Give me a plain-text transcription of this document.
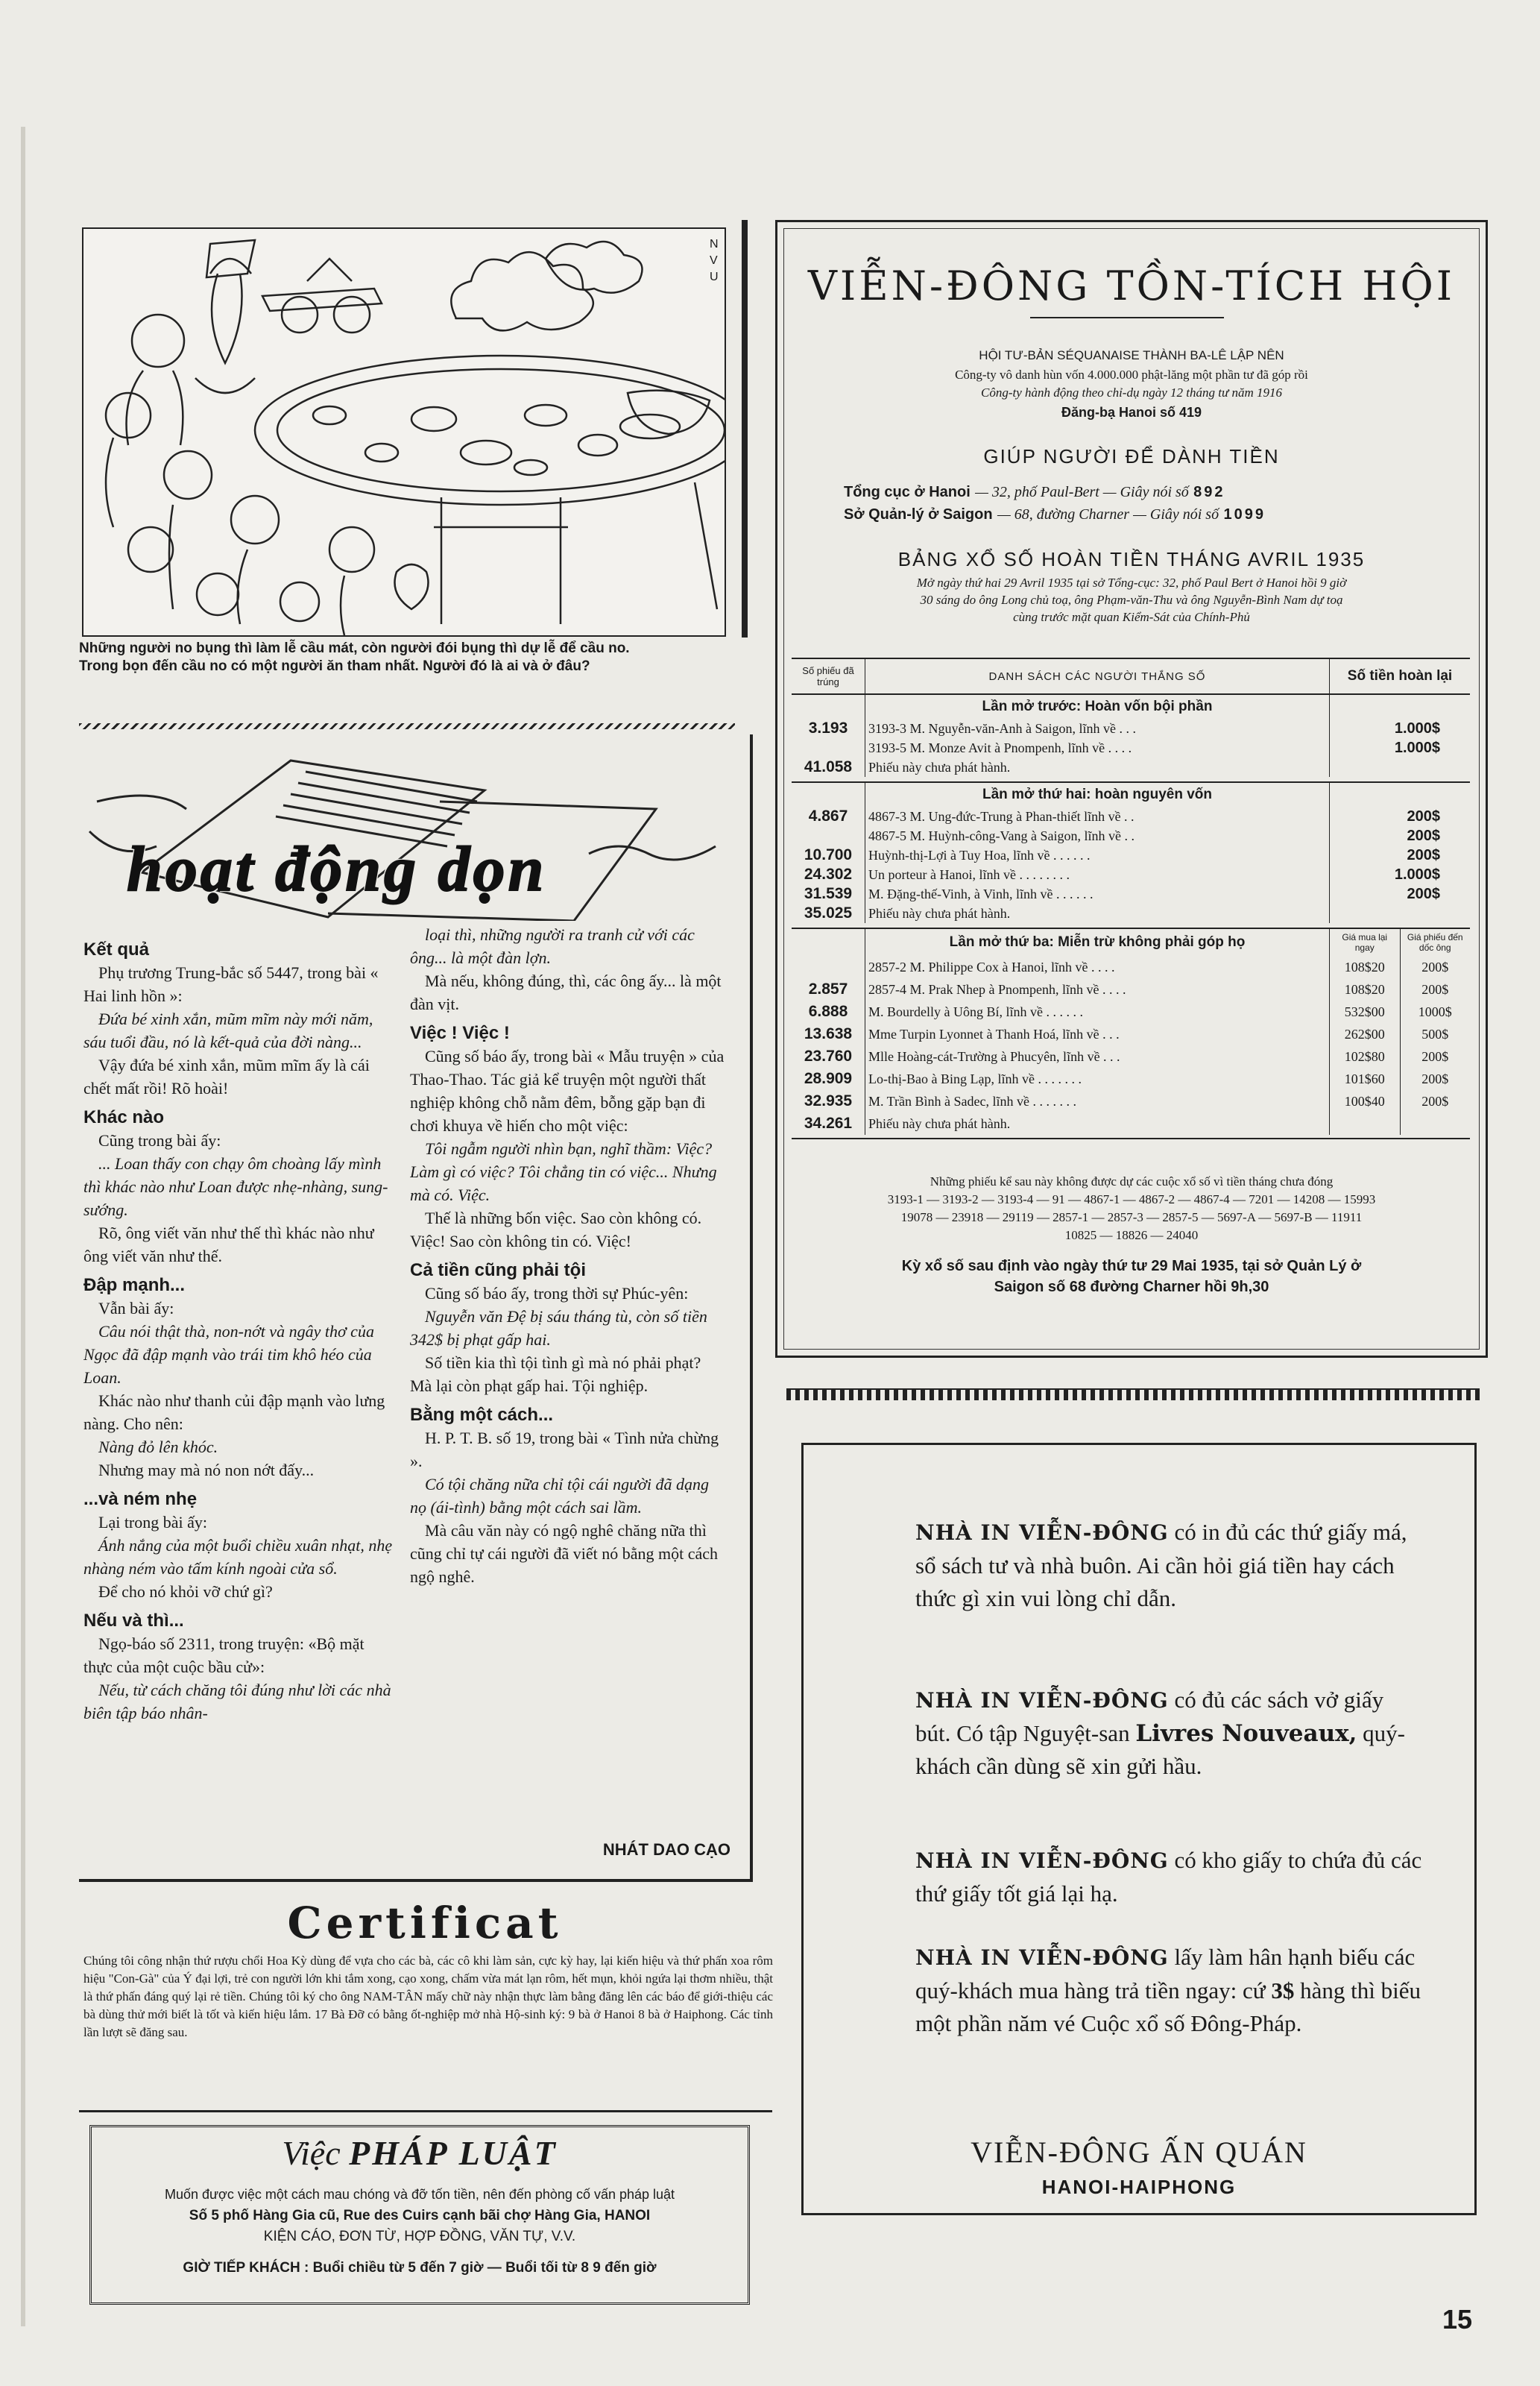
N V U
Những người no bụng thì làm lễ cầu mát, còn người đói bụng thì dự lễ để cầu no.
Trong bọn đến cầu no có một người ăn tham nhất. Người đó là ai và ở đâu?
hoạt động dọn

Kết quả

Phụ trương Trung-bắc số 5447, trong bài « Hai linh hồn »:

Đứa bé xinh xắn, mũm mĩm này mới năm, sáu tuổi đầu, nó là kết-quả của đời nàng...

Vậy đứa bé xinh xắn, mũm mĩm ấy là cái chết mất rồi! Rõ hoài!

Khác nào

Cũng trong bài ấy:

... Loan thấy con chạy ôm choàng lấy mình thì khác nào như Loan được nhẹ-nhàng, sung-sướng.

Rõ, ông viết văn như thế thì khác nào như ông viết văn như thế.

Đập mạnh...

Vẫn bài ấy:

Câu nói thật thà, non-nớt và ngây thơ của Ngọc đã đập mạnh vào trái tim khô héo của Loan.

Khác nào như thanh củi đập mạnh vào lưng nàng. Cho nên:

Nàng đỏ lên khóc.

Nhưng may mà nó non nớt đấy...

...và ném nhẹ

Lại trong bài ấy:

Ánh nắng của một buổi chiều xuân nhạt, nhẹ nhàng ném vào tấm kính ngoài cửa sổ.

Để cho nó khỏi vỡ chứ gì?

Nếu và thì...

Ngọ-báo số 2311, trong truyện: «Bộ mặt thực của một cuộc bầu cử»:

Nếu, từ cách chăng tôi đúng như lời các nhà biên tập báo nhân-

loại thì, những người ra tranh cử với các ông... là một đàn lợn.

Mà nếu, không đúng, thì, các ông ấy... là một đàn vịt.

Việc ! Việc !

Cũng số báo ấy, trong bài « Mẫu truyện » của Thao-Thao. Tác giả kể truyện một người thất nghiệp không chỗ nằm đêm, bỗng gặp bạn đi chơi khuya về hiến cho một việc:

Tôi ngẫm người nhìn bạn, nghĩ thầm: Việc? Làm gì có việc? Tôi chẳng tin có việc... Nhưng mà có. Việc.

Thế là những bốn việc. Sao còn không có. Việc! Sao còn không tin có. Việc!

Cả tiền cũng phải tội

Cũng số báo ấy, trong thời sự Phúc-yên:

Nguyễn văn Đệ bị sáu tháng tù, còn số tiền 342$ bị phạt gấp hai.

Số tiền kia thì tội tình gì mà nó phải phạt? Mà lại còn phạt gấp hai. Tội nghiệp.

Bằng một cách...

H. P. T. B. số 19, trong bài « Tình nửa chừng ».

Có tội chăng nữa chỉ tội cái người đã dạng nọ (ái-tình) bằng một cách sai lầm.

Mà câu văn này có ngộ nghê chăng nữa thì cũng chỉ tự cái người đã viết nó bằng một cách ngộ nghê.

NHÁT DAO CẠO
Certificat
Chúng tôi công nhận thứ rượu chổi Hoa Kỳ dùng để vựa cho các bà, các cô khi làm sản, cực kỳ hay, lại kiến hiệu và thứ phấn xoa rôm hiệu "Con-Gà" của Ý đại lợi, trẻ con người lớn khi tắm xong, cạo xong, chấm vừa mát lạn rôm, hết mụn, khỏi ngứa lại thơm nhiều, thật là thứ phấn đáng quý lại rẻ tiền. Chúng tôi ký cho ông NAM-TÂN mấy chữ này nhận thực làm bằng đăng lên các báo để giới-thiệu các bà dùng thử mới biết là tốt và kiến hiệu lắm. 17 Bà Đỡ có bằng ốt-nghiệp mở nhà Hộ-sinh ký: 9 bà ở Hanoi 8 bà ở Haiphong. Các tỉnh lần lượt sẽ đăng sau.
Việc PHÁP LUẬT
Muốn được việc một cách mau chóng và đỡ tốn tiền, nên đến phòng cố vấn pháp luật
Số 5 phố Hàng Gia cũ, Rue des Cuirs cạnh bãi chợ Hàng Gia, HANOI
KIỆN CÁO, ĐƠN TỪ, HỢP ĐỒNG, VĂN TỰ, V.V.
GIỜ TIẾP KHÁCH : Buổi chiều từ 5 đến 7 giờ — Buổi tối từ 8 9 đến giờ
VIỄN-ĐÔNG TỒN-TÍCH HỘI
HỘI TƯ-BẢN SÉQUANAISE THÀNH BA-LÊ LẬP NÊN
Công-ty vô danh hùn vốn 4.000.000 phật-lăng một phần tư đã góp rồi
Công-ty hành động theo chỉ-dụ ngày 12 tháng tư năm 1916
Đăng-bạ Hanoi số 419
GIÚP NGƯỜI ĐỂ DÀNH TIỀN
Tổng cục ở Hanoi — 32, phố Paul-Bert — Giây nói số 892
Sở Quản-lý ở Saigon — 68, đường Charner — Giây nói số 1099
BẢNG XỔ SỐ HOÀN TIỀN THÁNG AVRIL 1935
Mở ngày thứ hai 29 Avril 1935 tại sở Tổng-cục: 32, phố Paul Bert ở Hanoi hồi 9 giờ
30 sáng do ông Long chủ toạ, ông Phạm-văn-Thu và ông Nguyễn-Bình Nam dự toạ
cùng trước mặt quan Kiểm-Sát của Chính-Phủ
Số phiếu đã trúng	DANH SÁCH CÁC NGƯỜI THẮNG SỐ	Số tiền hoàn lại	
	Lần mở trước: Hoàn vốn bội phần		
3.193	3193-3 M. Nguyễn-văn-Anh à Saigon, lĩnh về . . .	1.000$	
	3193-5 M. Monze Avit à Pnompenh, lĩnh về . . . .	1.000$	
41.058	Phiếu này chưa phát hành.		

	Lần mở thứ hai: hoàn nguyên vốn		
4.867	4867-3 M. Ung-đức-Trung à Phan-thiết lĩnh về . .	200$	
	4867-5 M. Huỳnh-công-Vang à Saigon, lĩnh về . .	200$	
10.700	Huỳnh-thị-Lợi à Tuy Hoa, lĩnh về . . . . . .	200$	
24.302	Un porteur à Hanoi, lĩnh về . . . . . . . .	1.000$	
31.539	M. Đặng-thế-Vinh, à Vinh, lĩnh về . . . . . .	200$	
35.025	Phiếu này chưa phát hành.		

	Lần mở thứ ba: Miễn trừ không phải góp họ	Giá mua lại ngay	Giá phiếu đến dốc ông
	2857-2 M. Philippe Cox à Hanoi, lĩnh về . . . .	108$20	200$
2.857	2857-4 M. Prak Nhep à Pnompenh, lĩnh về . . . .	108$20	200$
6.888	M. Bourdelly à Uông Bí, lĩnh về . . . . . .	532$00	1000$
13.638	Mme Turpin Lyonnet à Thanh Hoá, lĩnh về . . .	262$00	500$
23.760	Mlle Hoàng-cát-Trường à Phucyên, lĩnh về . . .	102$80	200$
28.909	Lo-thị-Bao à Bing Lạp, lĩnh về . . . . . . .	101$60	200$
32.935	M. Trần Bình à Sadec, lĩnh về . . . . . . .	100$40	200$
34.261	Phiếu này chưa phát hành.		

Những phiếu kể sau này không được dự các cuộc xổ số vì tiền tháng chưa đóng
3193-1 — 3193-2 — 3193-4 — 91 — 4867-1 — 4867-2 — 4867-4 — 7201 — 14208 — 15993
19078 — 23918 — 29119 — 2857-1 — 2857-3 — 2857-5 — 5697-A — 5697-B — 11911
10825 — 18826 — 24040
Kỳ xổ số sau định vào ngày thứ tư 29 Mai 1935, tại sở Quản Lý ở
Saigon số 68 đường Charner hồi 9h,30
NHÀ IN VIỄN-ĐÔNG có in đủ các thứ giấy má, sổ sách tư và nhà buôn. Ai cần hỏi giá tiền hay cách thức gì xin vui lòng chỉ dẫn.
NHÀ IN VIỄN-ĐÔNG có đủ các sách vở giấy bút. Có tập Nguyệt-san Livres Nouveaux, quý-khách cần dùng sẽ xin gửi hầu.
NHÀ IN VIỄN-ĐÔNG có kho giấy to chứa đủ các thứ giấy tốt giá lại hạ.
NHÀ IN VIỄN-ĐÔNG lấy làm hân hạnh biếu các quý-khách mua hàng trả tiền ngay: cứ 3$ hàng thì biếu một phần năm vé Cuộc xổ số Đông-Pháp.
VIỄN-ĐÔNG ẤN QUÁN
HANOI-HAIPHONG
15
